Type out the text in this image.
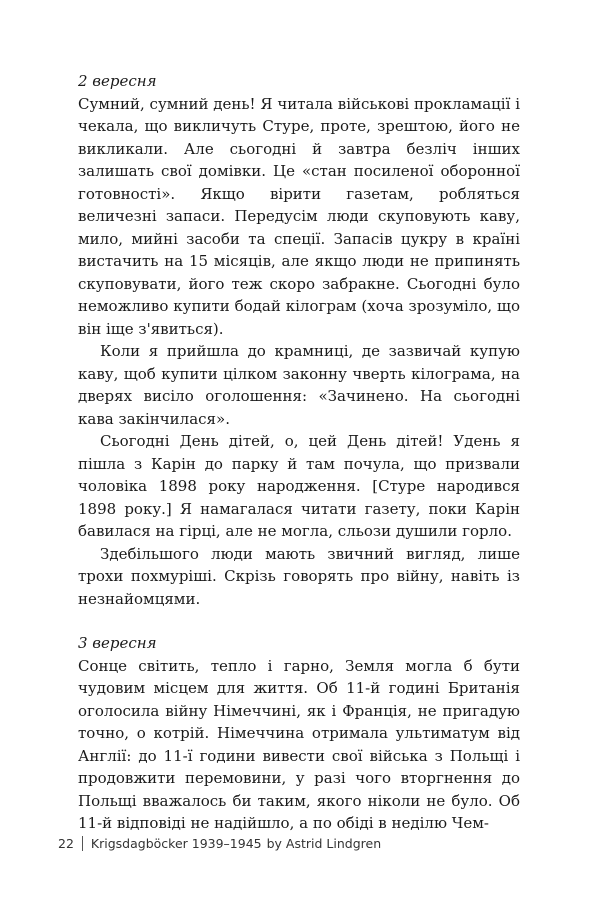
2 вересня

Сумний, сумний день! Я читала військові прокламації і чекала, що викличуть Стуре, проте, зрештою, його не викликали. Але сьогодні й завтра безліч інших залишать свої домівки. Це «стан посиленої оборонної готовності». Якщо вірити газетам, робляться величезні запаси. Передусім люди скуповують каву, мило, мийні засоби та спеції. Запасів цукру в країні вистачить на 15 місяців, але якщо люди не припинять скуповувати, його теж скоро забракне. Сьогодні було неможливо купити бодай кілограм (хоча зрозуміло, що він іще з'явиться).

Коли я прийшла до крамниці, де зазвичай купую каву, щоб купити цілком законну чверть кілограма, на дверях висіло оголошення: «Зачинено. На сьогодні кава закінчилася».

Сьогодні День дітей, о, цей День дітей! Удень я пішла з Карін до парку й там почула, що призвали чоловіка 1898 року народження. [Стуре народився 1898 року.] Я намагалася читати газету, поки Карін бавилася на гірці, але не могла, сльози душили горло.

Здебільшого люди мають звичний вигляд, лише трохи похмуріші. Скрізь говорять про війну, навіть із незнайомцями.

3 вересня

Сонце світить, тепло і гарно, Земля могла б бути чудовим місцем для життя. Об 11-й годині Британія оголосила війну Німеччині, як і Франція, не пригадую точно, о котрій. Німеччина отримала ультиматум від Англії: до 11-ї години вивести свої війська з Польщі і продовжити перемовини, у разі чого вторгнення до Польщі вважалось би таким, якого ніколи не було. Об 11-й відповіді не надійшло, а по обіді в неділю Чем-

22 Krigsdagböcker 1939–1945 by Astrid Lindgren
